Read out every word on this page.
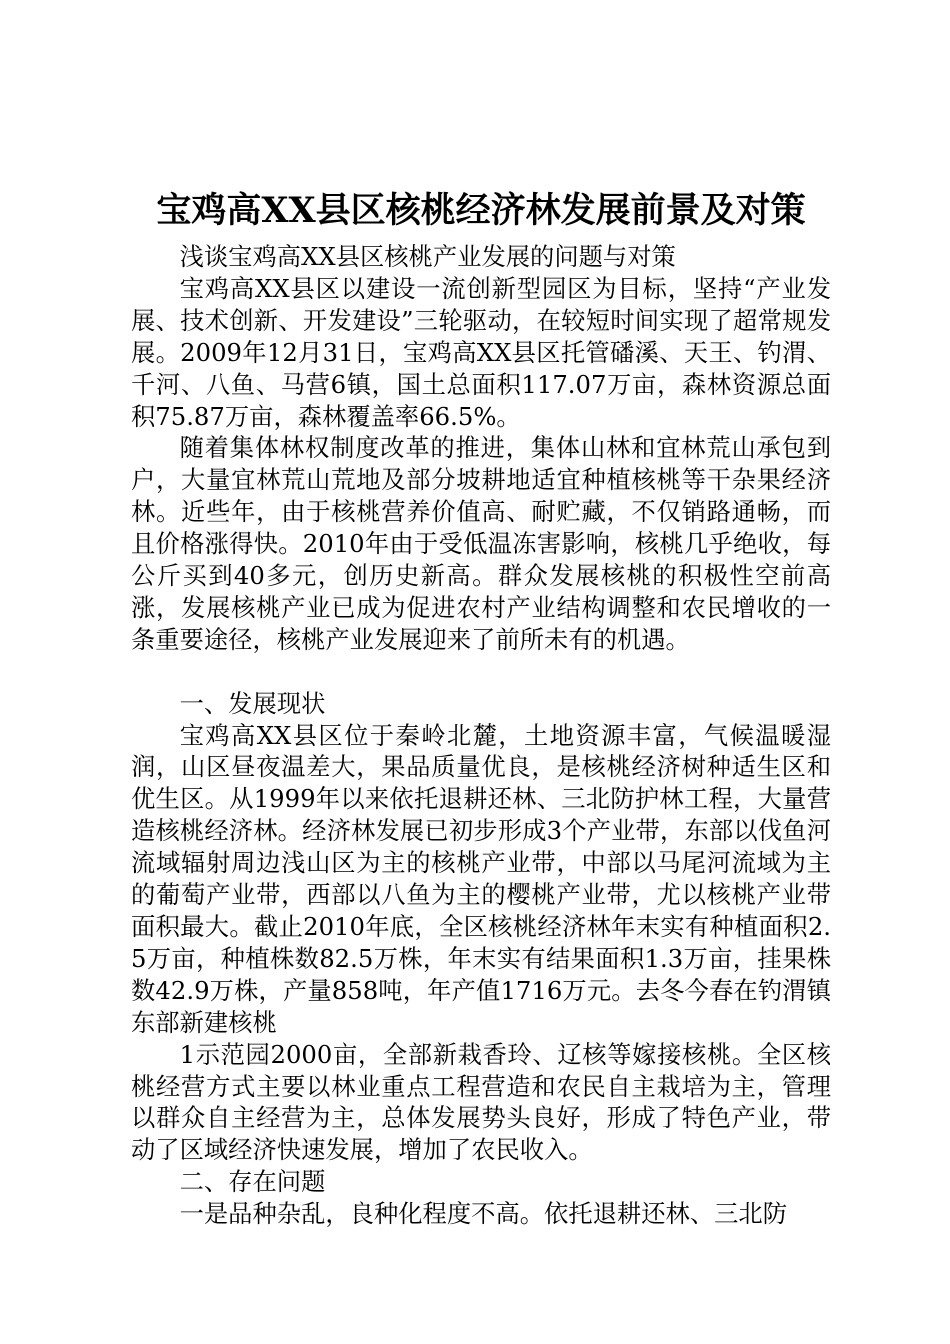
宝鸡高XX县区核桃经济林发展前景及对策

浅谈宝鸡高XX县区核桃产业发展的问题与对策

宝鸡高XX县区以建设一流创新型园区为目标，坚持“产业发展、技术创新、开发建设”三轮驱动，在较短时间实现了超常规发展。2009年12月31日，宝鸡高XX县区托管磻溪、天王、钓渭、千河、八鱼、马营6镇，国土总面积117.07万亩，森林资源总面积75.87万亩，森林覆盖率66.5%。

随着集体林权制度改革的推进，集体山林和宜林荒山承包到户，大量宜林荒山荒地及部分坡耕地适宜种植核桃等干杂果经济林。近些年，由于核桃营养价值高、耐贮藏，不仅销路通畅，而且价格涨得快。2010年由于受低温冻害影响，核桃几乎绝收，每公斤买到40多元，创历史新高。群众发展核桃的积极性空前高涨，发展核桃产业已成为促进农村产业结构调整和农民增收的一条重要途径，核桃产业发展迎来了前所未有的机遇。

一、发展现状

宝鸡高XX县区位于秦岭北麓，土地资源丰富，气候温暖湿润，山区昼夜温差大，果品质量优良，是核桃经济树种适生区和优生区。从1999年以来依托退耕还林、三北防护林工程，大量营造核桃经济林。经济林发展已初步形成3个产业带，东部以伐鱼河流域辐射周边浅山区为主的核桃产业带，中部以马尾河流域为主的葡萄产业带，西部以八鱼为主的樱桃产业带，尤以核桃产业带面积最大。截止2010年底，全区核桃经济林年末实有种植面积2.5万亩，种植株数82.5万株，年末实有结果面积1.3万亩，挂果株数42.9万株，产量858吨，年产值1716万元。去冬今春在钓渭镇东部新建核桃

1示范园2000亩，全部新栽香玲、辽核等嫁接核桃。全区核桃经营方式主要以林业重点工程营造和农民自主栽培为主，管理以群众自主经营为主，总体发展势头良好，形成了特色产业，带动了区域经济快速发展，增加了农民收入。

二、存在问题

一是品种杂乱，良种化程度不高。依托退耕还林、三北防
